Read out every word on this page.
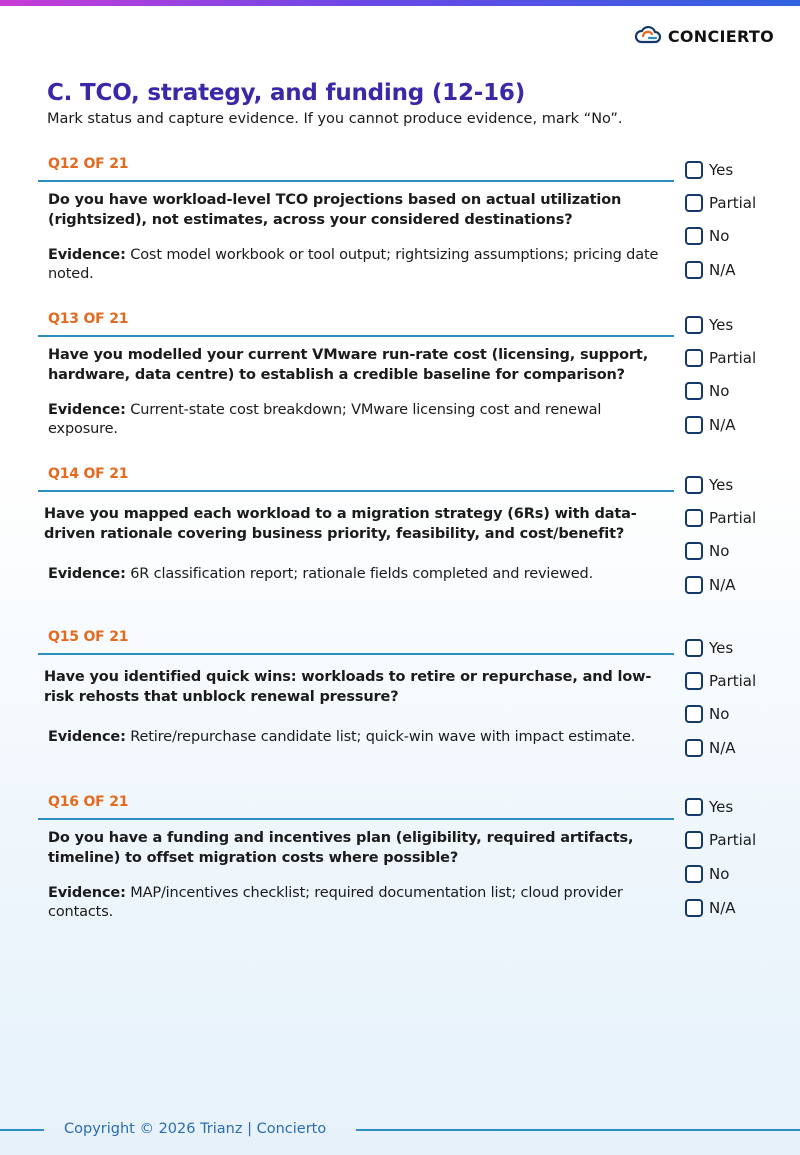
CONCIERTO
C. TCO, strategy, and funding (12-16)

Mark status and capture evidence. If you cannot produce evidence, mark “No”.

Q12 OF 21
Do you have workload-level TCO projections based on actual utilization (rightsized), not estimates, across your considered destinations?
Evidence: Cost model workbook or tool output; rightsizing assumptions; pricing date noted.
Yes
Partial
No
N/A
Q13 OF 21
Have you modelled your current VMware run-rate cost (licensing, support, hardware, data centre) to establish a credible baseline for comparison?
Evidence: Current-state cost breakdown; VMware licensing cost and renewal exposure.
Yes
Partial
No
N/A
Q14 OF 21
Have you mapped each workload to a migration strategy (6Rs) with data-driven rationale covering business priority, feasibility, and cost/benefit?
Evidence: 6R classification report; rationale fields completed and reviewed.
Yes
Partial
No
N/A
Q15 OF 21
Have you identified quick wins: workloads to retire or repurchase, and low-risk rehosts that unblock renewal pressure?
Evidence: Retire/repurchase candidate list; quick-win wave with impact estimate.
Yes
Partial
No
N/A
Q16 OF 21
Do you have a funding and incentives plan (eligibility, required artifacts, timeline) to offset migration costs where possible?
Evidence: MAP/incentives checklist; required documentation list; cloud provider contacts.
Yes
Partial
No
N/A
Copyright © 2026 Trianz | Concierto
